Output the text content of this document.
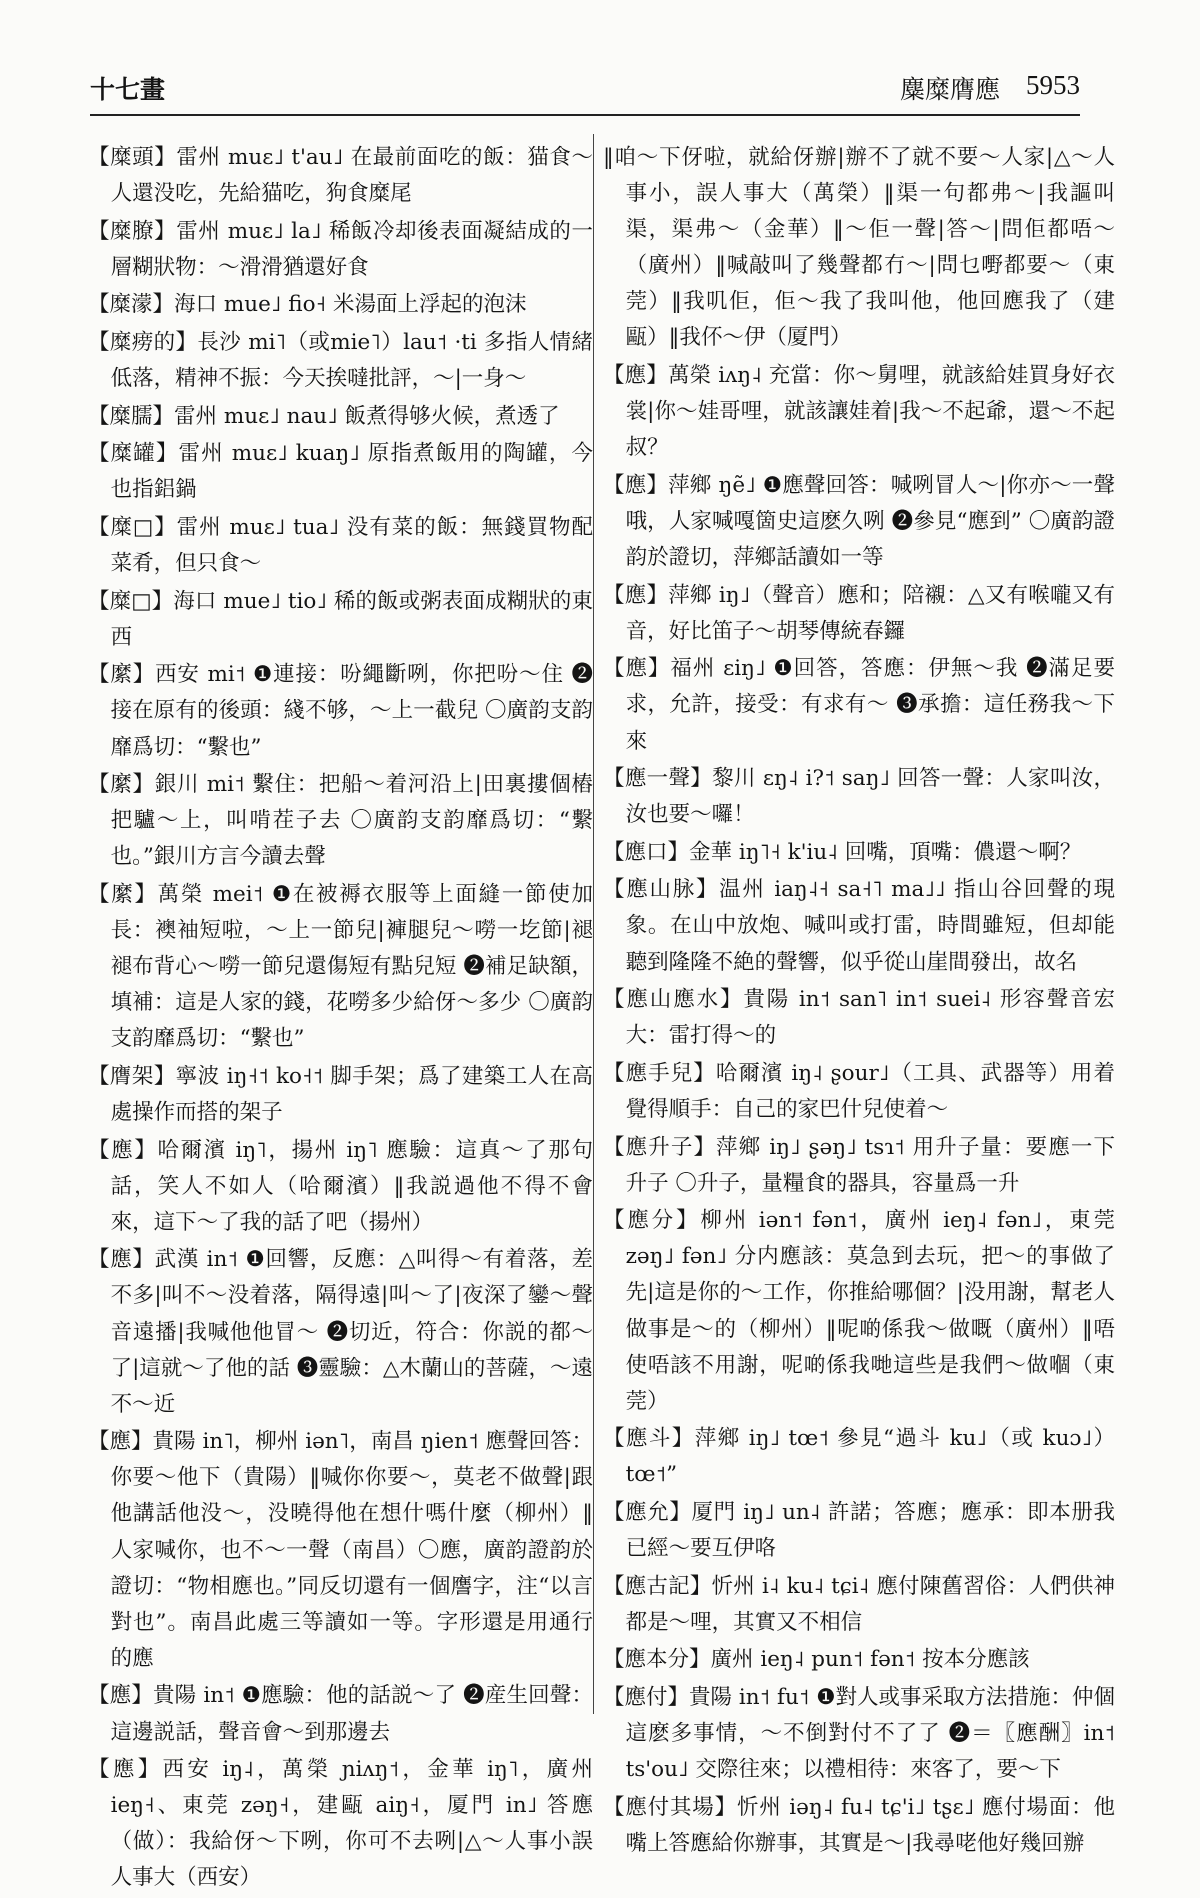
十七畫	麋糜膺應 5953

【糜頭】雷州 muɛ˩ t'au˩ 在最前面吃的飯：猫食～人還没吃，先給猫吃，狗食糜尾

【糜膫】雷州 muɛ˩ la˩ 稀飯冷却後表面凝結成的一層糊狀物：～滑滑猶還好食

【糜濛】海口 mue˩ fio˧ 米湯面上浮起的泡沫

【糜痨的】長沙 mi˥（或mie˥）lau˦ ·ti 多指人情緒低落，精神不振：今天挨噠批評，～|一身～

【糜臑】雷州 muɛ˩ nau˩ 飯煮得够火候，煮透了

【糜罐】雷州 muɛ˩ kuaŋ˩ 原指煮飯用的陶罐，今也指鋁鍋

【糜□】雷州 muɛ˩ tua˩ 没有菜的飯：無錢買物配菜肴，但只食～

【糜□】海口 mue˩ tio˩ 稀的飯或粥表面成糊狀的東西

【縻】西安 mi˦ ❶連接：吩繩斷咧，你把吩～住 ❷接在原有的後頭：綫不够，～上一截兒 〇廣韵支韵靡爲切：“繫也”

【縻】銀川 mi˦ 繫住：把船～着河沿上|田裏摟個樁把驢～上，叫啃茬子去 〇廣韵支韵靡爲切：“繫也。”銀川方言今讀去聲

【縻】萬榮 mei˦ ❶在被褥衣服等上面縫一節使加長：襖袖短啦，～上一節兒|褲腿兒～嘮一圪節|褪褪布背心～嘮一節兒還傷短有點兒短 ❷補足缺額，填補：這是人家的錢，花嘮多少給伢～多少 〇廣韵支韵靡爲切：“繫也”

【膺架】寧波 iŋ˧˦ ko˧˦ 脚手架；爲了建築工人在高處操作而搭的架子

【應】哈爾濱 iŋ˥，揚州 iŋ˥ 應驗：這真～了那句話，笑人不如人（哈爾濱）‖我説過他不得不會來，這下～了我的話了吧（揚州）

【應】武漢 in˦ ❶回響，反應：△叫得～有着落，差不多|叫不～没着落，隔得遠|叫～了|夜深了鑾～聲音遠播|我喊他他冒～ ❷切近，符合：你説的都～了|這就～了他的話 ❸靈驗：△木蘭山的菩薩，～遠不～近

【應】貴陽 in˥，柳州 iən˥，南昌 ŋien˦ 應聲回答：你要～他下（貴陽）‖喊你你要～，莫老不做聲|跟他講話他没～，没曉得他在想什嗎什麼（柳州）‖人家喊你，也不～一聲（南昌）〇應，廣韵證韵於證切：“物相應也。”同反切還有一個譍字，注“以言對也”。南昌此處三等讀如一等。字形還是用通行的應

【應】貴陽 in˦ ❶應驗：他的話説～了 ❷産生回聲：這邊説話，聲音會～到那邊去

【應】西安 iŋ˨，萬榮 ɲiʌŋ˦，金華 iŋ˥，廣州 ieŋ˧、東莞 zəŋ˧，建甌 aiŋ˧，厦門 in˩ 答應（做）：我給伢～下咧，你可不去咧|△～人事小誤人事大（西安）

‖咱～下伢啦，就給伢辦|辦不了就不要～人家|△～人事小，誤人事大（萬榮）‖渠一句都弗～|我謳叫渠，渠弗～（金華）‖～佢一聲|答～|問佢都唔～（廣州）‖喊敲叫了幾聲都冇～|問乜嘢都要～（東莞）‖我叽佢，佢～我了我叫他，他回應我了（建甌）‖我伓～伊（厦門）

【應】萬榮 iʌŋ˨ 充當：你～舅哩，就該給娃買身好衣裳|你～娃哥哩，就該讓娃着|我～不起爺，還～不起叔？

【應】萍鄉 ŋẽ˩ ❶應聲回答：喊咧冒人～|你亦～一聲哦，人家喊嘎箇史這麽久咧 ❷參見“應到” 〇廣韵證韵於證切，萍鄉話讀如一等

【應】萍鄉 iŋ˩（聲音）應和；陪襯：△又有喉嚨又有音，好比笛子～胡琴傳統春鑼

【應】福州 ɛiŋ˩ ❶回答，答應：伊無～我 ❷滿足要求，允許，接受：有求有～ ❸承擔：這任務我～下來

【應一聲】黎川 ɛŋ˨ i?˦ saŋ˩ 回答一聲：人家叫汝，汝也要～囉！

【應口】金華 iŋ˥˧ k'iu˨ 回嘴，頂嘴：儂還～啊？

【應山脉】温州 iaŋ˨˧ sa˧˥ ma˩˩ 指山谷回聲的現象。在山中放炮、喊叫或打雷，時間雖短，但却能聽到隆隆不絶的聲響，似乎從山崖間發出，故名

【應山應水】貴陽 in˦ san˥ in˦ suei˨ 形容聲音宏大：雷打得～的

【應手兒】哈爾濱 iŋ˨ ʂour˩（工具、武器等）用着覺得順手：自己的家巴什兒使着～

【應升子】萍鄉 iŋ˩ ʂəŋ˩ tsɿ˦ 用升子量：要應一下升子 〇升子，量糧食的器具，容量爲一升

【應分】柳州 iən˦ fən˦，廣州 ieŋ˨ fən˩，東莞 zəŋ˩ fən˩ 分内應該：莫急到去玩，把～的事做了先|這是你的～工作，你推給哪個？|没用謝，幫老人做事是～的（柳州）‖呢啲係我～做嘅（廣州）‖唔使唔該不用謝，呢啲係我哋這些是我們～做嗰（東莞）

【應斗】萍鄉 iŋ˩ tœ˦ 參見“過斗 ku˩（或 kuɔ˩）tœ˦”

【應允】厦門 iŋ˩ un˨ 許諾；答應；應承：即本册我已經～要互伊咯

【應古記】忻州 i˨ ku˨ tɕi˨ 應付陳舊習俗：人們供神都是～哩，其實又不相信

【應本分】廣州 ieŋ˨ pun˦ fən˦ 按本分應該

【應付】貴陽 in˦ fu˦ ❶對人或事采取方法措施：仲個這麽多事情，～不倒對付不了了 ❷＝〖應酬〗in˦ ts'ou˩ 交際往來；以禮相待：來客了，要～下

【應付其場】忻州 iəŋ˨ fu˨ tɕ'i˩ tʂɛ˩ 應付場面：他嘴上答應給你辦事，其實是～|我尋咾他好幾回辦
